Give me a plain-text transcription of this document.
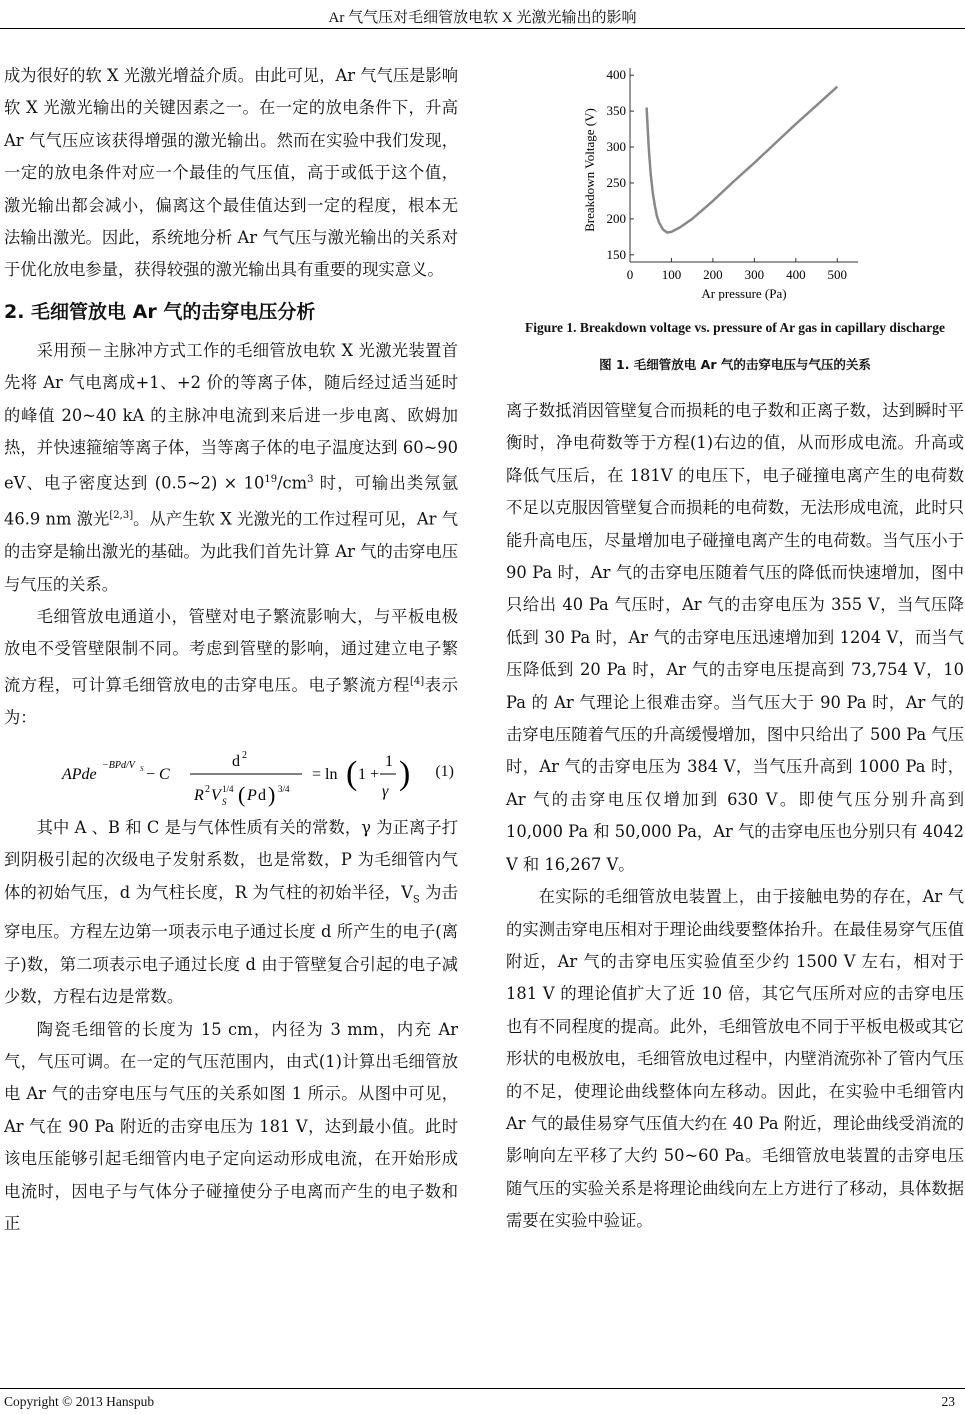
Ar 气气压对毛细管放电软 X 光激光输出的影响

成为很好的软 X 光激光增益介质。由此可见，Ar 气气压是影响软 X 光激光输出的关键因素之一。在一定的放电条件下，升高 Ar 气气压应该获得增强的激光输出。然而在实验中我们发现，一定的放电条件对应一个最佳的气压值，高于或低于这个值，激光输出都会减小，偏离这个最佳值达到一定的程度，根本无法输出激光。因此，系统地分析 Ar 气气压与激光输出的关系对于优化放电参量，获得较强的激光输出具有重要的现实意义。

2. 毛细管放电 Ar 气的击穿电压分析

采用预－主脉冲方式工作的毛细管放电软 X 光激光装置首先将 Ar 气电离成+1、+2 价的等离子体，随后经过适当延时的峰值 20~40 kA 的主脉冲电流到来后进一步电离、欧姆加热，并快速箍缩等离子体，当等离子体的电子温度达到 60~90 eV、电子密度达到 (0.5~2) × $10^{19}/cm^3$ 时，可输出类氖氩 46.9 nm 激光[2,3]。从产生软 X 光激光的工作过程可见，Ar 气的击穿是输出激光的基础。为此我们首先计算 Ar 气的击穿电压与气压的关系。

毛细管放电通道小，管壁对电子繁流影响大，与平板电极放电不受管壁限制不同。考虑到管壁的影响，通过建立电子繁流方程，可计算毛细管放电的击穿电压。电子繁流方程[4]表示为：

APde
−BPd/V S − C
d 2
R 2 V 1/4
S ( P d ) 3/4
= ln ( 1 +
1
γ ) (1)

其中 A 、B 和 C 是与气体性质有关的常数，γ 为正离子打到阴极引起的次级电子发射系数，也是常数，P 为毛细管内气体的初始气压，d 为气柱长度，R 为气柱的初始半径，$V_S$ 为击穿电压。方程左边第一项表示电子通过长度 d 所产生的电子(离子)数，第二项表示电子通过长度 d 由于管壁复合引起的电子减少数，方程右边是常数。

陶瓷毛细管的长度为 15 cm，内径为 3 mm，内充 Ar 气，气压可调。在一定的气压范围内，由式(1)计算出毛细管放电 Ar 气的击穿电压与气压的关系如图 1 所示。从图中可见，Ar 气在 90 Pa 附近的击穿电压为 181 V，达到最小值。此时该电压能够引起毛细管内电子定向运动形成电流，在开始形成电流时，因电子与气体分子碰撞使分子电离而产生的电子数和正

0 100 200 300 400 500
150
200
250
300
350
400
Ar pressure (Pa)
Breakdown Voltage (V)
Figure 1. Breakdown voltage vs. pressure of Ar gas in capillary discharge
图 1. 毛细管放电 Ar 气的击穿电压与气压的关系

离子数抵消因管壁复合而损耗的电子数和正离子数，达到瞬时平衡时，净电荷数等于方程(1)右边的值，从而形成电流。升高或降低气压后，在 181V 的电压下，电子碰撞电离产生的电荷数不足以克服因管壁复合而损耗的电荷数，无法形成电流，此时只能升高电压，尽量增加电子碰撞电离产生的电荷数。当气压小于 90 Pa 时，Ar 气的击穿电压随着气压的降低而快速增加，图中只给出 40 Pa 气压时，Ar 气的击穿电压为 355 V，当气压降低到 30 Pa 时，Ar 气的击穿电压迅速增加到 1204 V，而当气压降低到 20 Pa 时，Ar 气的击穿电压提高到 73,754 V，10 Pa 的 Ar 气理论上很难击穿。当气压大于 90 Pa 时，Ar 气的击穿电压随着气压的升高缓慢增加，图中只给出了 500 Pa 气压时，Ar 气的击穿电压为 384 V，当气压升高到 1000 Pa 时，Ar 气的击穿电压仅增加到 630 V。即使气压分别升高到 10,000 Pa 和 50,000 Pa，Ar 气的击穿电压也分别只有 4042 V 和 16,267 V。

在实际的毛细管放电装置上，由于接触电势的存在，Ar 气的实测击穿电压相对于理论曲线要整体抬升。在最佳易穿气压值附近，Ar 气的击穿电压实验值至少约 1500 V 左右，相对于 181 V 的理论值扩大了近 10 倍，其它气压所对应的击穿电压也有不同程度的提高。此外，毛细管放电不同于平板电极或其它形状的电极放电，毛细管放电过程中，内壁消流弥补了管内气压的不足，使理论曲线整体向左移动。因此，在实验中毛细管内 Ar 气的最佳易穿气压值大约在 40 Pa 附近，理论曲线受消流的影响向左平移了大约 50~60 Pa。毛细管放电装置的击穿电压随气压的实验关系是将理论曲线向左上方进行了移动，具体数据需要在实验中验证。

Copyright © 2013 Hanspub	23
